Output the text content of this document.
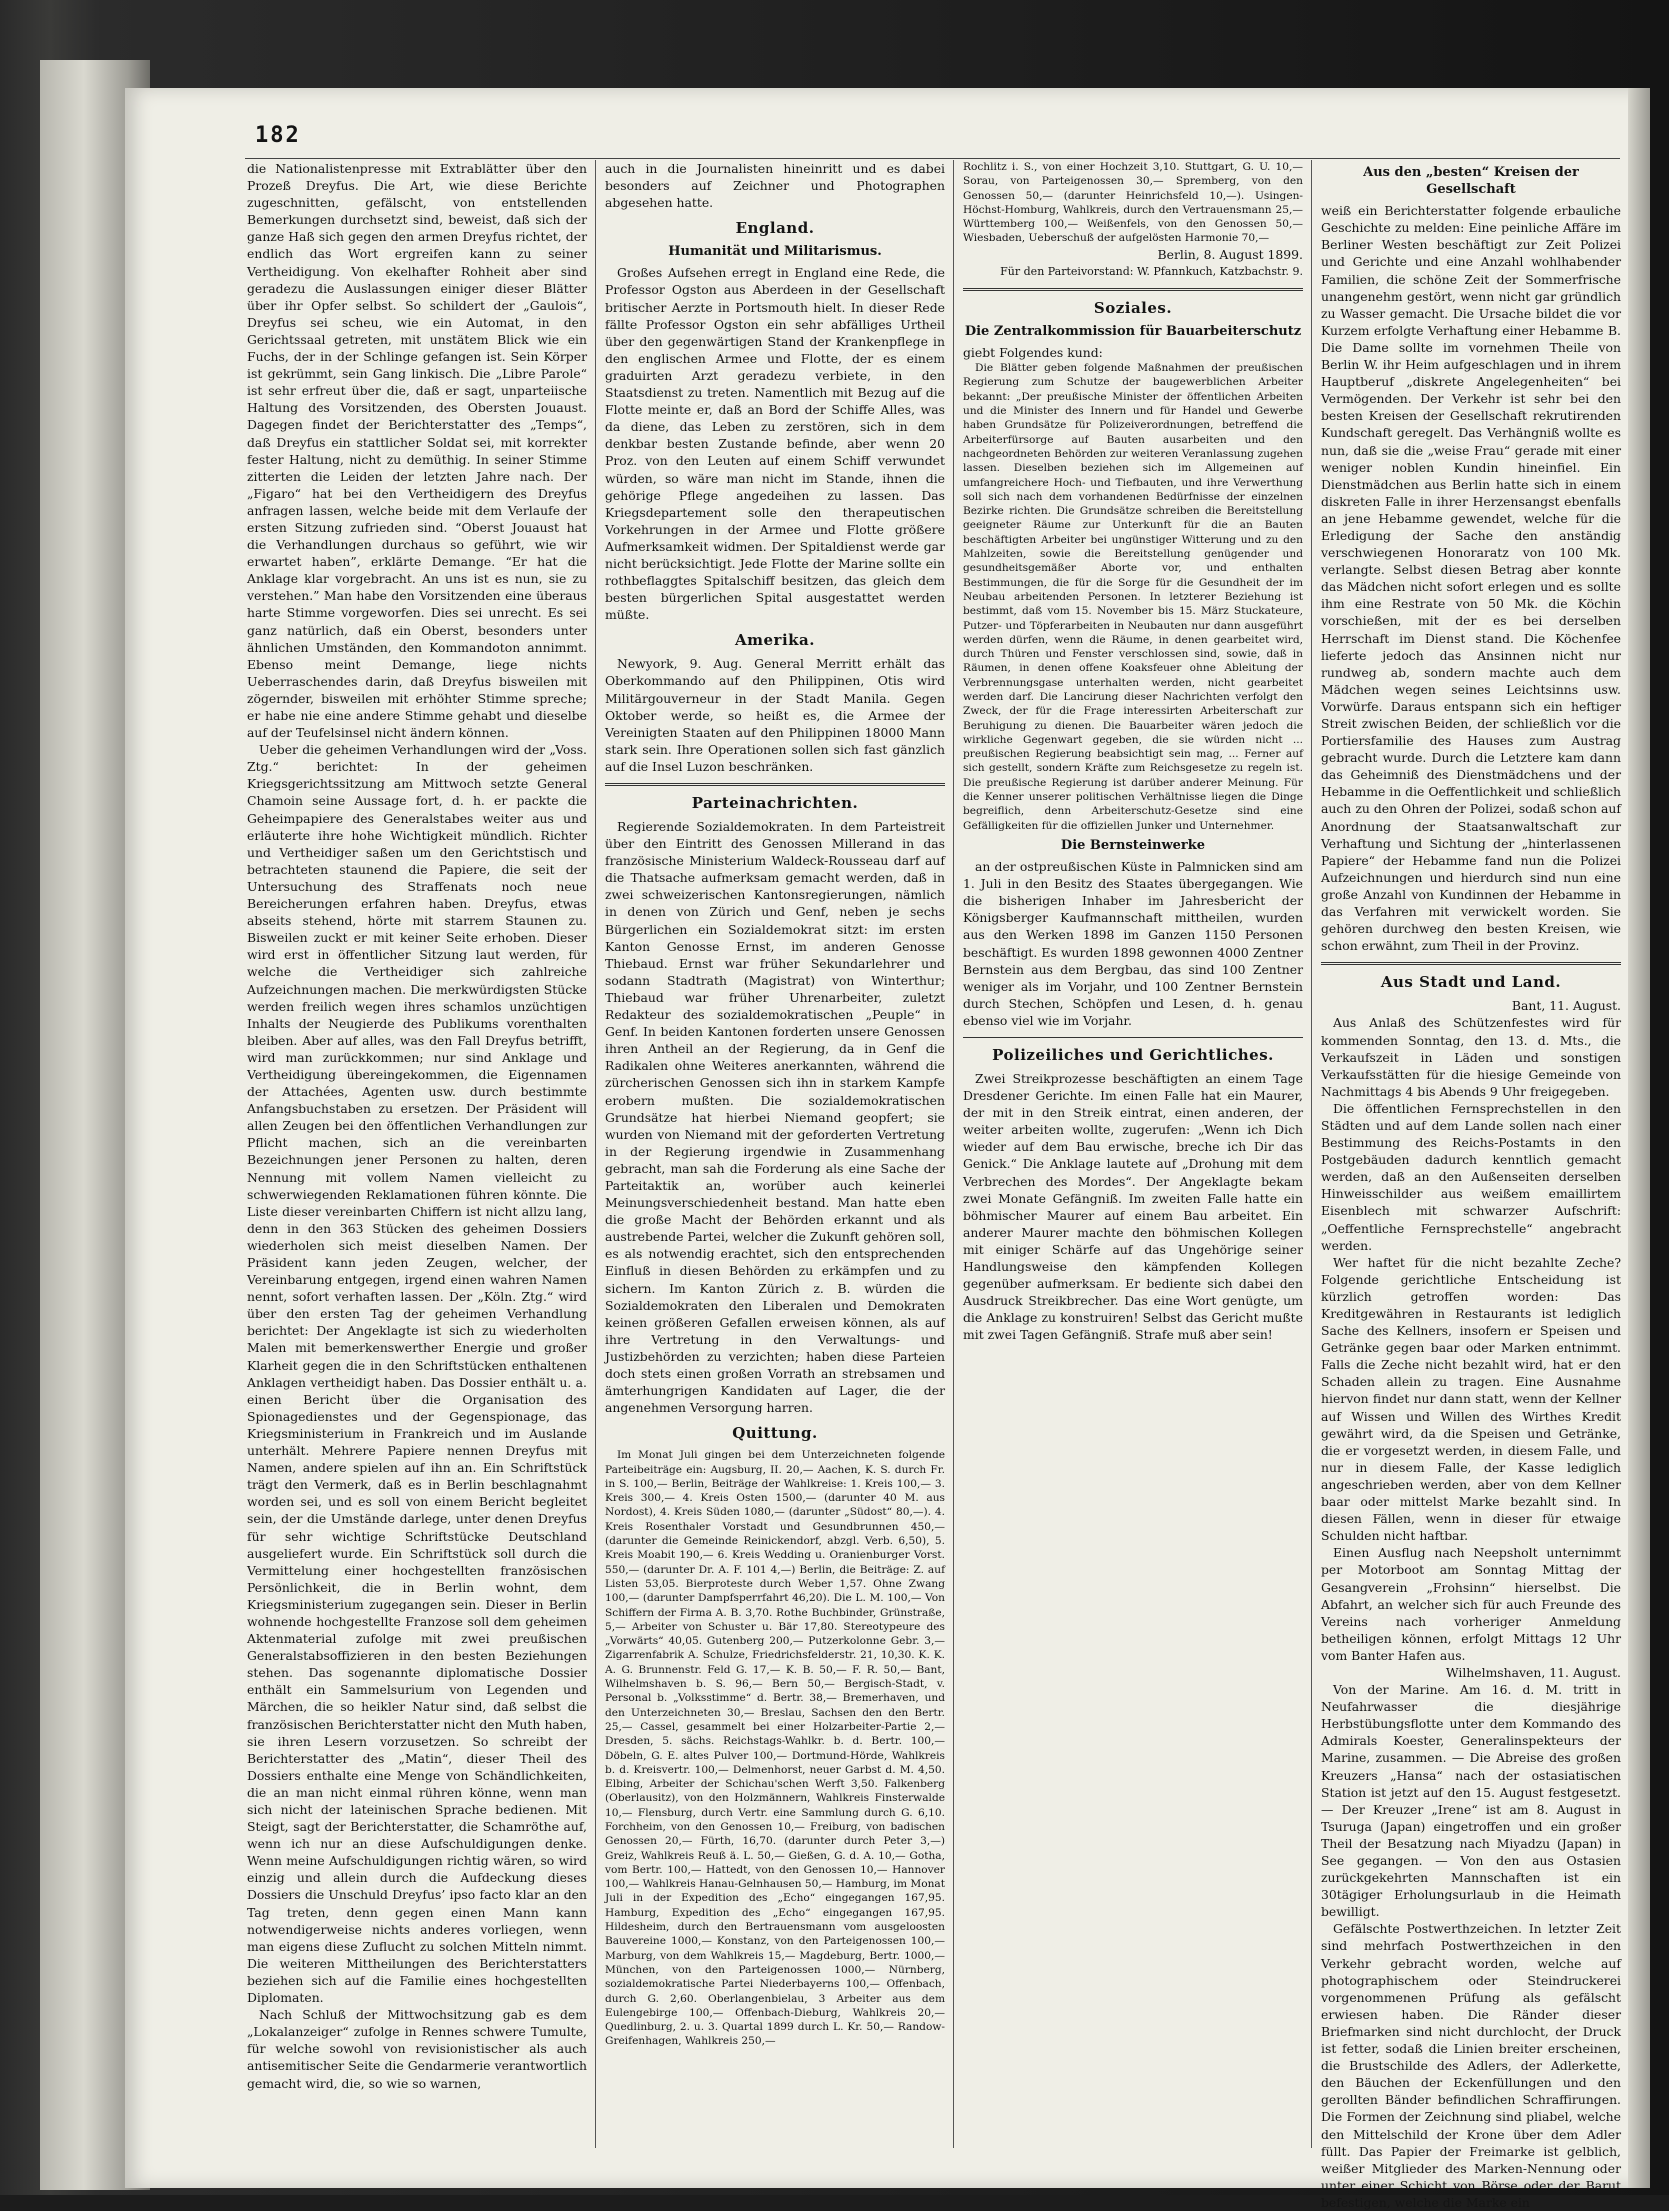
182

die Nationalistenpresse mit Extrablätter über den Prozeß Dreyfus. Die Art, wie diese Berichte zugeschnitten, gefälscht, von entstellenden Bemerkungen durchsetzt sind, beweist, daß sich der ganze Haß sich gegen den armen Dreyfus richtet, der endlich das Wort ergreifen kann zu seiner Vertheidigung. Von ekelhafter Rohheit aber sind geradezu die Auslassungen einiger dieser Blätter über ihr Opfer selbst. So schildert der „Gaulois“, Dreyfus sei scheu, wie ein Automat, in den Gerichtssaal getreten, mit unstätem Blick wie ein Fuchs, der in der Schlinge gefangen ist. Sein Körper ist gekrümmt, sein Gang linkisch. Die „Libre Parole“ ist sehr erfreut über die, daß er sagt, unparteiische Haltung des Vorsitzenden, des Obersten Jouaust. Dagegen findet der Berichterstatter des „Temps“, daß Dreyfus ein stattlicher Soldat sei, mit korrekter fester Haltung, nicht zu demüthig. In seiner Stimme zitterten die Leiden der letzten Jahre nach. Der „Figaro“ hat bei den Vertheidigern des Dreyfus anfragen lassen, welche beide mit dem Verlaufe der ersten Sitzung zufrieden sind. “Oberst Jouaust hat die Verhandlungen durchaus so geführt, wie wir erwartet haben”, erklärte Demange. “Er hat die Anklage klar vorgebracht. An uns ist es nun, sie zu verstehen.” Man habe den Vorsitzenden eine überaus harte Stimme vorgeworfen. Dies sei unrecht. Es sei ganz natürlich, daß ein Oberst, besonders unter ähnlichen Umständen, den Kommandoton annimmt. Ebenso meint Demange, liege nichts Ueberraschendes darin, daß Dreyfus bisweilen mit zögernder, bisweilen mit erhöhter Stimme spreche; er habe nie eine andere Stimme gehabt und dieselbe auf der Teufelsinsel nicht ändern können.

Ueber die geheimen Verhandlungen wird der „Voss. Ztg.“ berichtet: In der geheimen Kriegsgerichtssitzung am Mittwoch setzte General Chamoin seine Aussage fort, d. h. er packte die Geheimpapiere des Generalstabes weiter aus und erläuterte ihre hohe Wichtigkeit mündlich. Richter und Vertheidiger saßen um den Gerichtstisch und betrachteten staunend die Papiere, die seit der Untersuchung des Straffenats noch neue Bereicherungen erfahren haben. Dreyfus, etwas abseits stehend, hörte mit starrem Staunen zu. Bisweilen zuckt er mit keiner Seite erhoben. Dieser wird erst in öffentlicher Sitzung laut werden, für welche die Vertheidiger sich zahlreiche Aufzeichnungen machen. Die merkwürdigsten Stücke werden freilich wegen ihres schamlos unzüchtigen Inhalts der Neugierde des Publikums vorenthalten bleiben. Aber auf alles, was den Fall Dreyfus betrifft, wird man zurückkommen; nur sind Anklage und Vertheidigung übereingekommen, die Eigennamen der Attachées, Agenten usw. durch bestimmte Anfangsbuchstaben zu ersetzen. Der Präsident will allen Zeugen bei den öffentlichen Verhandlungen zur Pflicht machen, sich an die vereinbarten Bezeichnungen jener Personen zu halten, deren Nennung mit vollem Namen vielleicht zu schwerwiegenden Reklamationen führen könnte. Die Liste dieser vereinbarten Chiffern ist nicht allzu lang, denn in den 363 Stücken des geheimen Dossiers wiederholen sich meist dieselben Namen. Der Präsident kann jeden Zeugen, welcher, der Vereinbarung entgegen, irgend einen wahren Namen nennt, sofort verhaften lassen. Der „Köln. Ztg.“ wird über den ersten Tag der geheimen Verhandlung berichtet: Der Angeklagte ist sich zu wiederholten Malen mit bemerkenswerther Energie und großer Klarheit gegen die in den Schriftstücken enthaltenen Anklagen vertheidigt haben. Das Dossier enthält u. a. einen Bericht über die Organisation des Spionagedienstes und der Gegenspionage, das Kriegsministerium in Frankreich und im Auslande unterhält. Mehrere Papiere nennen Dreyfus mit Namen, andere spielen auf ihn an. Ein Schriftstück trägt den Vermerk, daß es in Berlin beschlagnahmt worden sei, und es soll von einem Bericht begleitet sein, der die Umstände darlege, unter denen Dreyfus für sehr wichtige Schriftstücke Deutschland ausgeliefert wurde. Ein Schriftstück soll durch die Vermittelung einer hochgestellten französischen Persönlichkeit, die in Berlin wohnt, dem Kriegsministerium zugegangen sein. Dieser in Berlin wohnende hochgestellte Franzose soll dem geheimen Aktenmaterial zufolge mit zwei preußischen Generalstabsoffizieren in den besten Beziehungen stehen. Das sogenannte diplomatische Dossier enthält ein Sammelsurium von Legenden und Märchen, die so heikler Natur sind, daß selbst die französischen Berichterstatter nicht den Muth haben, sie ihren Lesern vorzusetzen. So schreibt der Berichterstatter des „Matin“, dieser Theil des Dossiers enthalte eine Menge von Schändlichkeiten, die an man nicht einmal rühren könne, wenn man sich nicht der lateinischen Sprache bedienen. Mit Steigt, sagt der Berichterstatter, die Schamröthe auf, wenn ich nur an diese Aufschuldigungen denke. Wenn meine Aufschuldigungen richtig wären, so wird einzig und allein durch die Aufdeckung dieses Dossiers die Unschuld Dreyfus’ ipso facto klar an den Tag treten, denn gegen einen Mann kann notwendigerweise nichts anderes vorliegen, wenn man eigens diese Zuflucht zu solchen Mitteln nimmt. Die weiteren Mittheilungen des Berichterstatters beziehen sich auf die Familie eines hochgestellten Diplomaten.

Nach Schluß der Mittwochsitzung gab es dem „Lokalanzeiger“ zufolge in Rennes schwere Tumulte, für welche sowohl von revisionistischer als auch antisemitischer Seite die Gendarmerie verantwortlich gemacht wird, die, so wie so warnen,

auch in die Journalisten hineinritt und es dabei besonders auf Zeichner und Photographen abgesehen hatte.

England.
Humanität und Militarismus.

Großes Aufsehen erregt in England eine Rede, die Professor Ogston aus Aberdeen in der Gesellschaft britischer Aerzte in Portsmouth hielt. In dieser Rede fällte Professor Ogston ein sehr abfälliges Urtheil über den gegenwärtigen Stand der Krankenpflege in den englischen Armee und Flotte, der es einem graduirten Arzt geradezu verbiete, in den Staatsdienst zu treten. Namentlich mit Bezug auf die Flotte meinte er, daß an Bord der Schiffe Alles, was da diene, das Leben zu zerstören, sich in dem denkbar besten Zustande befinde, aber wenn 20 Proz. von den Leuten auf einem Schiff verwundet würden, so wäre man nicht im Stande, ihnen die gehörige Pflege angedeihen zu lassen. Das Kriegsdepartement solle den therapeutischen Vorkehrungen in der Armee und Flotte größere Aufmerksamkeit widmen. Der Spitaldienst werde gar nicht berücksichtigt. Jede Flotte der Marine sollte ein rothbeflaggtes Spitalschiff besitzen, das gleich dem besten bürgerlichen Spital ausgestattet werden müßte.

Amerika.

Newyork, 9. Aug. General Merritt erhält das Oberkommando auf den Philippinen, Otis wird Militärgouverneur in der Stadt Manila. Gegen Oktober werde, so heißt es, die Armee der Vereinigten Staaten auf den Philippinen 18000 Mann stark sein. Ihre Operationen sollen sich fast gänzlich auf die Insel Luzon beschränken.

Parteinachrichten.

Regierende Sozialdemokraten. In dem Parteistreit über den Eintritt des Genossen Millerand in das französische Ministerium Waldeck-Rousseau darf auf die Thatsache aufmerksam gemacht werden, daß in zwei schweizerischen Kantonsregierungen, nämlich in denen von Zürich und Genf, neben je sechs Bürgerlichen ein Sozialdemokrat sitzt: im ersten Kanton Genosse Ernst, im anderen Genosse Thiebaud. Ernst war früher Sekundarlehrer und sodann Stadtrath (Magistrat) von Winterthur; Thiebaud war früher Uhrenarbeiter, zuletzt Redakteur des sozialdemokratischen „Peuple“ in Genf. In beiden Kantonen forderten unsere Genossen ihren Antheil an der Regierung, da in Genf die Radikalen ohne Weiteres anerkannten, während die zürcherischen Genossen sich ihn in starkem Kampfe erobern mußten. Die sozialdemokratischen Grundsätze hat hierbei Niemand geopfert; sie wurden von Niemand mit der geforderten Vertretung in der Regierung irgendwie in Zusammenhang gebracht, man sah die Forderung als eine Sache der Parteitaktik an, worüber auch keinerlei Meinungsverschiedenheit bestand. Man hatte eben die große Macht der Behörden erkannt und als austrebende Partei, welcher die Zukunft gehören soll, es als notwendig erachtet, sich den entsprechenden Einfluß in diesen Behörden zu erkämpfen und zu sichern. Im Kanton Zürich z. B. würden die Sozialdemokraten den Liberalen und Demokraten keinen größeren Gefallen erweisen können, als auf ihre Vertretung in den Verwaltungs- und Justizbehörden zu verzichten; haben diese Parteien doch stets einen großen Vorrath an strebsamen und ämterhungrigen Kandidaten auf Lager, die der angenehmen Versorgung harren.

Quittung.

Im Monat Juli gingen bei dem Unterzeichneten folgende Parteibeiträge ein: Augsburg, II. 20,— Aachen, K. S. durch Fr. in S. 100,— Berlin, Beiträge der Wahlkreise: 1. Kreis 100,— 3. Kreis 300,— 4. Kreis Osten 1500,— (darunter 40 M. aus Nordost), 4. Kreis Süden 1080,— (darunter „Südost“ 80,—). 4. Kreis Rosenthaler Vorstadt und Gesundbrunnen 450,— (darunter die Gemeinde Reinickendorf, abzgl. Verb. 6,50), 5. Kreis Moabit 190,— 6. Kreis Wedding u. Oranienburger Vorst. 550,— (darunter Dr. A. F. 101 4,—) Berlin, die Beiträge: Z. auf Listen 53,05. Bierproteste durch Weber 1,57. Ohne Zwang 100,— (darunter Dampfsperrfahrt 46,20). Die L. M. 100,— Von Schiffern der Firma A. B. 3,70. Rothe Buchbinder, Grünstraße, 5,— Arbeiter von Schuster u. Bär 17,80. Stereotypeure des „Vorwärts“ 40,05. Gutenberg 200,— Putzerkolonne Gebr. 3,— Zigarrenfabrik A. Schulze, Friedrichsfelderstr. 21, 10,30. K. K. A. G. Brunnenstr. Feld G. 17,— K. B. 50,— F. R. 50,— Bant, Wilhelmshaven b. S. 96,— Bern 50,— Bergisch-Stadt, v. Personal b. „Volksstimme“ d. Bertr. 38,— Bremerhaven, und den Unterzeichneten 30,— Breslau, Sachsen den den Bertr. 25,— Cassel, gesammelt bei einer Holzarbeiter-Partie 2,— Dresden, 5. sächs. Reichstags-Wahlkr. b. d. Bertr. 100,— Döbeln, G. E. altes Pulver 100,— Dortmund-Hörde, Wahlkreis b. d. Kreisvertr. 100,— Delmenhorst, neuer Garbst d. M. 4,50. Elbing, Arbeiter der Schichau'schen Werft 3,50. Falkenberg (Oberlausitz), von den Holzmännern, Wahlkreis Finsterwalde 10,— Flensburg, durch Vertr. eine Sammlung durch G. 6,10. Forchheim, von den Genossen 10,— Freiburg, von badischen Genossen 20,— Fürth, 16,70. (darunter durch Peter 3,—) Greiz, Wahlkreis Reuß ä. L. 50,— Gießen, G. d. A. 10,— Gotha, vom Bertr. 100,— Hattedt, von den Genossen 10,— Hannover 100,— Wahlkreis Hanau-Gelnhausen 50,— Hamburg, im Monat Juli in der Expedition des „Echo“ eingegangen 167,95. Hamburg, Expedition des „Echo“ eingegangen 167,95. Hildesheim, durch den Bertrauensmann vom ausgeloosten Bauvereine 1000,— Konstanz, von den Parteigenossen 100,— Marburg, von dem Wahlkreis 15,— Magdeburg, Bertr. 1000,— München, von den Parteigenossen 1000,— Nürnberg, sozialdemokratische Partei Niederbayerns 100,— Offenbach, durch G. 2,60. Oberlangenbielau, 3 Arbeiter aus dem Eulengebirge 100,— Offenbach-Dieburg, Wahlkreis 20,— Quedlinburg, 2. u. 3. Quartal 1899 durch L. Kr. 50,— Randow-Greifenhagen, Wahlkreis 250,—

Rochlitz i. S., von einer Hochzeit 3,10. Stuttgart, G. U. 10,— Sorau, von Parteigenossen 30,— Spremberg, von den Genossen 50,— (darunter Heinrichsfeld 10,—). Usingen-Höchst-Homburg, Wahlkreis, durch den Vertrauensmann 25,— Württemberg 100,— Weißenfels, von den Genossen 50,— Wiesbaden, Ueberschuß der aufgelösten Harmonie 70,—

Berlin, 8. August 1899.
Für den Parteivorstand: W. Pfannkuch, Katzbachstr. 9.
Soziales.
Die Zentralkommission für Bauarbeiterschutz

giebt Folgendes kund:

Die Blätter geben folgende Maßnahmen der preußischen Regierung zum Schutze der baugewerblichen Arbeiter bekannt: „Der preußische Minister der öffentlichen Arbeiten und die Minister des Innern und für Handel und Gewerbe haben Grundsätze für Polizeiverordnungen, betreffend die Arbeiterfürsorge auf Bauten ausarbeiten und den nachgeordneten Behörden zur weiteren Veranlassung zugehen lassen. Dieselben beziehen sich im Allgemeinen auf umfangreichere Hoch- und Tiefbauten, und ihre Verwerthung soll sich nach dem vorhandenen Bedürfnisse der einzelnen Bezirke richten. Die Grundsätze schreiben die Bereitstellung geeigneter Räume zur Unterkunft für die an Bauten beschäftigten Arbeiter bei ungünstiger Witterung und zu den Mahlzeiten, sowie die Bereitstellung genügender und gesundheitsgemäßer Aborte vor, und enthalten Bestimmungen, die für die Sorge für die Gesundheit der im Neubau arbeitenden Personen. In letzterer Beziehung ist bestimmt, daß vom 15. November bis 15. März Stuckateure, Putzer- und Töpferarbeiten in Neubauten nur dann ausgeführt werden dürfen, wenn die Räume, in denen gearbeitet wird, durch Thüren und Fenster verschlossen sind, sowie, daß in Räumen, in denen offene Koaksfeuer ohne Ableitung der Verbrennungsgase unterhalten werden, nicht gearbeitet werden darf. Die Lancirung dieser Nachrichten verfolgt den Zweck, der für die Frage interessirten Arbeiterschaft zur Beruhigung zu dienen. Die Bauarbeiter wären jedoch die wirkliche Gegenwart gegeben, die sie würden nicht ... preußischen Regierung beabsichtigt sein mag, ... Ferner auf sich gestellt, sondern Kräfte zum Reichsgesetze zu regeln ist. Die preußische Regierung ist darüber anderer Meinung. Für die Kenner unserer politischen Verhältnisse liegen die Dinge begreiflich, denn Arbeiterschutz-Gesetze sind eine Gefälligkeiten für die offiziellen Junker und Unternehmer.

Die Bernsteinwerke

an der ostpreußischen Küste in Palmnicken sind am 1. Juli in den Besitz des Staates übergegangen. Wie die bisherigen Inhaber im Jahresbericht der Königsberger Kaufmannschaft mittheilen, wurden aus den Werken 1898 im Ganzen 1150 Personen beschäftigt. Es wurden 1898 gewonnen 4000 Zentner Bernstein aus dem Bergbau, das sind 100 Zentner weniger als im Vorjahr, und 100 Zentner Bernstein durch Stechen, Schöpfen und Lesen, d. h. genau ebenso viel wie im Vorjahr.

Polizeiliches und Gerichtliches.

Zwei Streikprozesse beschäftigten an einem Tage Dresdener Gerichte. Im einen Falle hat ein Maurer, der mit in den Streik eintrat, einen anderen, der weiter arbeiten wollte, zugerufen: „Wenn ich Dich wieder auf dem Bau erwische, breche ich Dir das Genick.“ Die Anklage lautete auf „Drohung mit dem Verbrechen des Mordes“. Der Angeklagte bekam zwei Monate Gefängniß. Im zweiten Falle hatte ein böhmischer Maurer auf einem Bau arbeitet. Ein anderer Maurer machte den böhmischen Kollegen mit einiger Schärfe auf das Ungehörige seiner Handlungsweise den kämpfenden Kollegen gegenüber aufmerksam. Er bediente sich dabei den Ausdruck Streikbrecher. Das eine Wort genügte, um die Anklage zu konstruiren! Selbst das Gericht mußte mit zwei Tagen Gefängniß. Strafe muß aber sein!

Aus den „besten“ Kreisen der Gesellschaft

weiß ein Berichterstatter folgende erbauliche Geschichte zu melden: Eine peinliche Affäre im Berliner Westen beschäftigt zur Zeit Polizei und Gerichte und eine Anzahl wohlhabender Familien, die schöne Zeit der Sommerfrische unangenehm gestört, wenn nicht gar gründlich zu Wasser gemacht. Die Ursache bildet die vor Kurzem erfolgte Verhaftung einer Hebamme B. Die Dame sollte im vornehmen Theile von Berlin W. ihr Heim aufgeschlagen und in ihrem Hauptberuf „diskrete Angelegenheiten“ bei Vermögenden. Der Verkehr ist sehr bei den besten Kreisen der Gesellschaft rekrutirenden Kundschaft geregelt. Das Verhängniß wollte es nun, daß sie die „weise Frau“ gerade mit einer weniger noblen Kundin hineinfiel. Ein Dienstmädchen aus Berlin hatte sich in einem diskreten Falle in ihrer Herzensangst ebenfalls an jene Hebamme gewendet, welche für die Erledigung der Sache den anständig verschwiegenen Honoraratz von 100 Mk. verlangte. Selbst diesen Betrag aber konnte das Mädchen nicht sofort erlegen und es sollte ihm eine Restrate von 50 Mk. die Köchin vorschießen, mit der es bei derselben Herrschaft im Dienst stand. Die Köchenfee lieferte jedoch das Ansinnen nicht nur rundweg ab, sondern machte auch dem Mädchen wegen seines Leichtsinns usw. Vorwürfe. Daraus entspann sich ein heftiger Streit zwischen Beiden, der schließlich vor die Portiersfamilie des Hauses zum Austrag gebracht wurde. Durch die Letztere kam dann das Geheimniß des Dienstmädchens und der Hebamme in die Oeffentlichkeit und schließlich auch zu den Ohren der Polizei, sodaß schon auf Anordnung der Staatsanwaltschaft zur Verhaftung und Sichtung der „hinterlassenen Papiere“ der Hebamme fand nun die Polizei Aufzeichnungen und hierdurch sind nun eine große Anzahl von Kundinnen der Hebamme in das Verfahren mit verwickelt worden. Sie gehören durchweg den besten Kreisen, wie schon erwähnt, zum Theil in der Provinz.

Aus Stadt und Land.
Bant, 11. August.

Aus Anlaß des Schützenfestes wird für kommenden Sonntag, den 13. d. Mts., die Verkaufszeit in Läden und sonstigen Verkaufsstätten für die hiesige Gemeinde von Nachmittags 4 bis Abends 9 Uhr freigegeben.

Die öffentlichen Fernsprechstellen in den Städten und auf dem Lande sollen nach einer Bestimmung des Reichs-Postamts in den Postgebäuden dadurch kenntlich gemacht werden, daß an den Außenseiten derselben Hinweisschilder aus weißem emaillirtem Eisenblech mit schwarzer Aufschrift: „Oeffentliche Fernsprechstelle“ angebracht werden.

Wer haftet für die nicht bezahlte Zeche? Folgende gerichtliche Entscheidung ist kürzlich getroffen worden: Das Kreditgewähren in Restaurants ist lediglich Sache des Kellners, insofern er Speisen und Getränke gegen baar oder Marken entnimmt. Falls die Zeche nicht bezahlt wird, hat er den Schaden allein zu tragen. Eine Ausnahme hiervon findet nur dann statt, wenn der Kellner auf Wissen und Willen des Wirthes Kredit gewährt wird, da die Speisen und Getränke, die er vorgesetzt werden, in diesem Falle, und nur in diesem Falle, der Kasse lediglich angeschrieben werden, aber von dem Kellner baar oder mittelst Marke bezahlt sind. In diesen Fällen, wenn in dieser für etwaige Schulden nicht haftbar.

Einen Ausflug nach Neepsholt unternimmt per Motorboot am Sonntag Mittag der Gesangverein „Frohsinn“ hierselbst. Die Abfahrt, an welcher sich für auch Freunde des Vereins nach vorheriger Anmeldung betheiligen können, erfolgt Mittags 12 Uhr vom Banter Hafen aus.

Wilhelmshaven, 11. August.

Von der Marine. Am 16. d. M. tritt in Neufahrwasser die diesjährige Herbstübungsflotte unter dem Kommando des Admirals Koester, Generalinspekteurs der Marine, zusammen. — Die Abreise des großen Kreuzers „Hansa“ nach der ostasiatischen Station ist jetzt auf den 15. August festgesetzt. — Der Kreuzer „Irene“ ist am 8. August in Tsuruga (Japan) eingetroffen und ein großer Theil der Besatzung nach Miyadzu (Japan) in See gegangen. — Von den aus Ostasien zurückgekehrten Mannschaften ist ein 30tägiger Erholungsurlaub in die Heimath bewilligt.

Gefälschte Postwerthzeichen. In letzter Zeit sind mehrfach Postwerthzeichen in den Verkehr gebracht worden, welche auf photographischem oder Steindruckerei vorgenommenen Prüfung als gefälscht erwiesen haben. Die Ränder dieser Briefmarken sind nicht durchlocht, der Druck ist fetter, sodaß die Linien breiter erscheinen, die Brustschilde des Adlers, der Adlerkette, den Bäuchen der Eckenfüllungen und den gerollten Bänder befindlichen Schraffirungen. Die Formen der Zeichnung sind pliabel, welche den Mittelschild der Krone über dem Adler füllt. Das Papier der Freimarke ist gelblich, weißer Mitglieder des Marken-Nennung oder unter einer Schicht von Börse oder der Barut befestigen, welche die Marke ein
